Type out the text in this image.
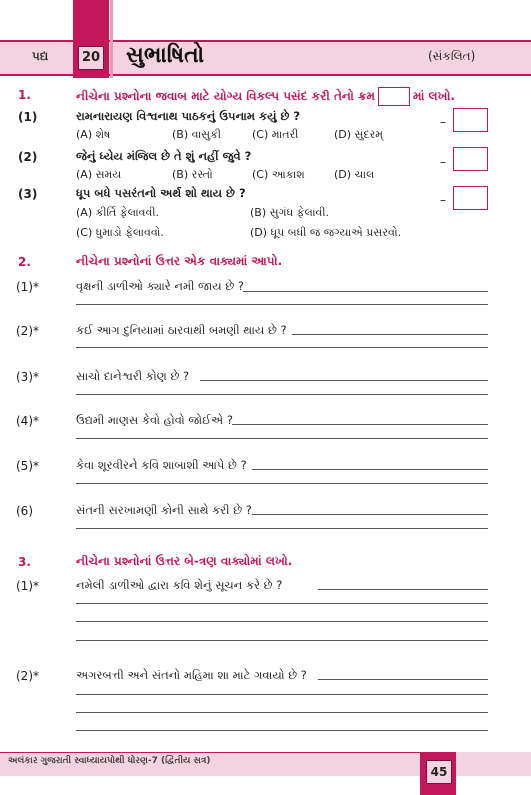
પદ્ય	20 સુભાષિતો	(સંકલિત)
1.	નીચેના પ્રશ્નોના જવાબ માટે યોગ્ય વિકલ્પ પસંદ કરી તેનો ક્રમ	માં લખો.
(1)	રામનારાયણ વિશ્વનાથ પાઠકનું ઉપનામ કયું છે ?
(A) શેષ	(B) વાસુકી	(C) માતરી	(D) સુંદરમ્
–
(2)	જેનું ધ્યેય મંજિલ છે તે શું નહીં જુવે ?
(A) સમય	(B) રસ્તો	(C) આકાશ	(D) ચાલ
–
(3)	ધૂપ બધે પસરંતનો અર્થ શો થાય છે ?
(A) કીર્તિ ફેલાવવી.	(B) સુગંધ ફેલાવી.
(C) ધુમાડો ફેલાવવો.	(D) ધૂપ બધી જ જગ્યાએ પ્રસરવો.
–
2.	નીચેના પ્રશ્નોનાં ઉત્તર એક વાક્યમાં આપો.
(1)*	વૃક્ષની ડાળીઓ ક્યારે નમી જાય છે ?
(2)*	કઈ આગ દુનિયામાં ઠારવાથી બમણી થાય છે ?
(3)*	સાચો દાનેશ્વરી કોણ છે ?
(4)*	ઉદ્યમી માણસ કેવો હોવો જોઈએ ?
(5)*	કેવા શૂરવીરને કવિ શાબાશી આપે છે ?
(6)	સંતની સરખામણી કોની સાથે કરી છે ?
3.	નીચેના પ્રશ્નોનાં ઉત્તર બે-ત્રણ વાક્યોમાં લખો.
(1)*	નમેલી ડાળીઓ દ્વારા કવિ શેનું સૂચન કરે છે ?
(2)*	અગરબત્તી અને સંતનો મહિમા શા માટે ગવાયો છે ?
અલંકાર ગુજરાતી સ્વાધ્યાયપોથી ધોરણ-7 (દ્વિતીય સત્ર)
45
